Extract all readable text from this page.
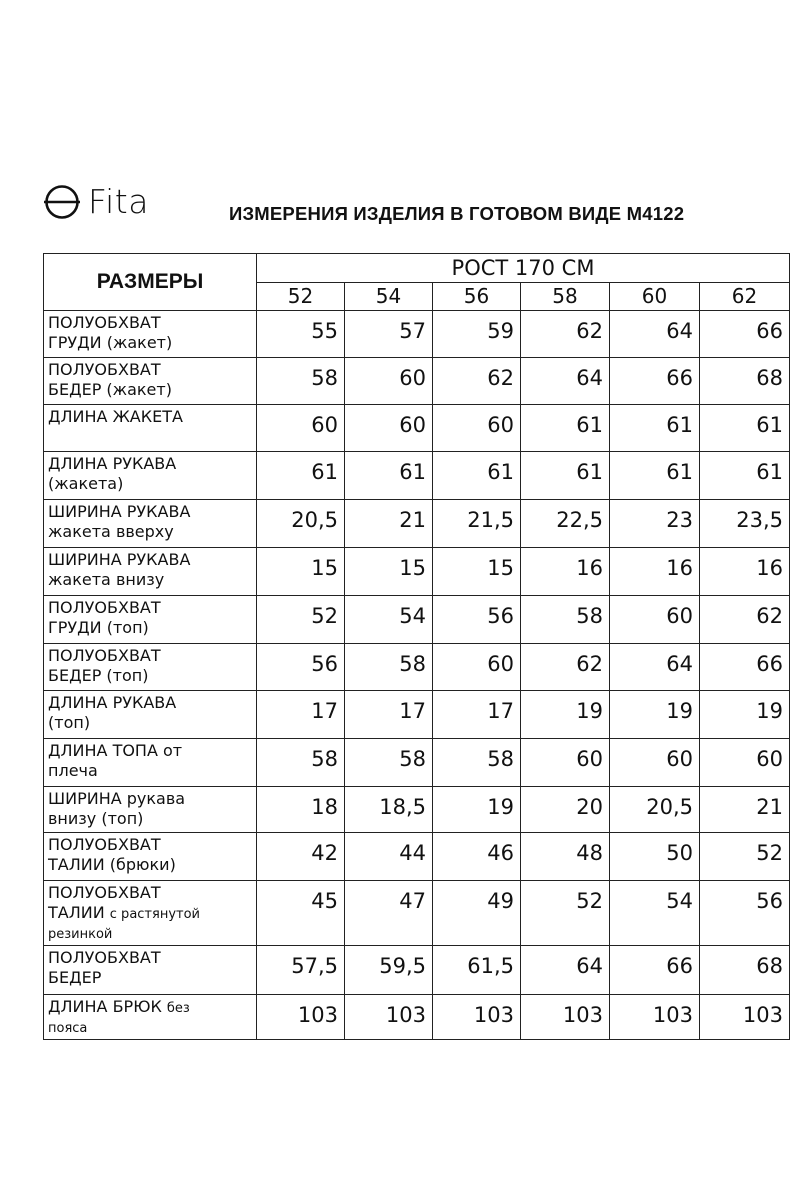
Fita	ИЗМЕРЕНИЯ ИЗДЕЛИЯ В ГОТОВОМ ВИДЕ М4122
РАЗМЕРЫ	РОСТ 170 СМ					
	52	54	56	58	60	62

ПОЛУОБХВАТ
ГРУДИ (жакет)	55	57	59	62	64	66

ПОЛУОБХВАТ
БЕДЕР (жакет)	58	60	62	64	66	68

ДЛИНА ЖАКЕТА	60	60	60	61	61	61

ДЛИНА РУКАВА
(жакета)	61	61	61	61	61	61

ШИРИНА РУКАВА
жакета вверху	20,5	21	21,5	22,5	23	23,5

ШИРИНА РУКАВА
жакета внизу	15	15	15	16	16	16

ПОЛУОБХВАТ
ГРУДИ (топ)	52	54	56	58	60	62

ПОЛУОБХВАТ
БЕДЕР (топ)	56	58	60	62	64	66

ДЛИНА РУКАВА
(топ)	17	17	17	19	19	19

ДЛИНА ТОПА от
плеча	58	58	58	60	60	60

ШИРИНА рукава
внизу (топ)	18	18,5	19	20	20,5	21

ПОЛУОБХВАТ
ТАЛИИ (брюки)	42	44	46	48	50	52

ПОЛУОБХВАТ
ТАЛИИ с растянутой
резинкой	45	47	49	52	54	56

ПОЛУОБХВАТ
БЕДЕР	57,5	59,5	61,5	64	66	68

ДЛИНА БРЮК без
пояса	103	103	103	103	103	103
